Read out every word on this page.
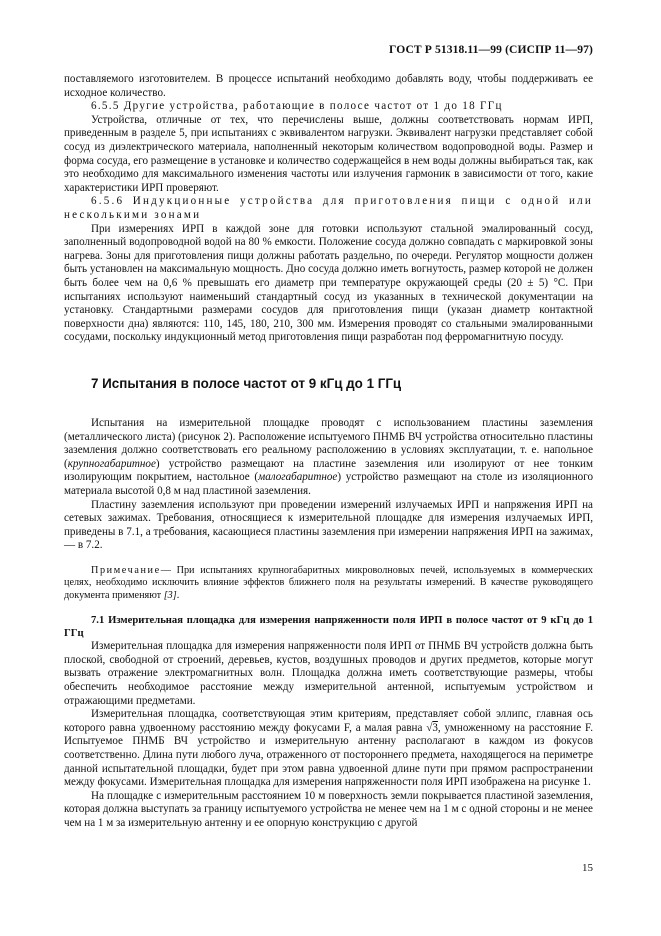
ГОСТ Р 51318.11—99 (СИСПР 11—97)

поставляемого изготовителем. В процессе испытаний необходимо добавлять воду, чтобы поддерживать ее исходное количество.

6.5.5 Другие устройства, работающие в полосе частот от 1 до 18 ГГц

Устройства, отличные от тех, что перечислены выше, должны соответствовать нормам ИРП, приведенным в разделе 5, при испытаниях с эквивалентом нагрузки. Эквивалент нагрузки представляет собой сосуд из диэлектрического материала, наполненный некоторым количеством водопроводной воды. Размер и форма сосуда, его размещение в установке и количество содержащейся в нем воды должны выбираться так, как это необходимо для максимального изменения частоты или излучения гармоник в зависимости от того, какие характеристики ИРП проверяют.

6.5.6 Индукционные устройства для приготовления пищи с одной или несколькими зонами

При измерениях ИРП в каждой зоне для готовки используют стальной эмалированный сосуд, заполненный водопроводной водой на 80 % емкости. Положение сосуда должно совпадать с маркировкой зоны нагрева. Зоны для приготовления пищи должны работать раздельно, по очереди. Регулятор мощности должен быть установлен на максимальную мощность. Дно сосуда должно иметь вогнутость, размер которой не должен быть более чем на 0,6 % превышать его диаметр при температуре окружающей среды (20 ± 5) °С. При испытаниях используют наименьший стандартный сосуд из указанных в технической документации на установку. Стандартными размерами сосудов для приготовления пищи (указан диаметр контактной поверхности дна) являются: 110, 145, 180, 210, 300 мм. Измерения проводят со стальными эмалированными сосудами, поскольку индукционный метод приготовления пищи разработан под ферромагнитную посуду.

7 Испытания в полосе частот от 9 кГц до 1 ГГц

Испытания на измерительной площадке проводят с использованием пластины заземления (металлического листа) (рисунок 2). Расположение испытуемого ПНМБ ВЧ устройства относительно пластины заземления должно соответствовать его реальному расположению в условиях эксплуатации, т. е. напольное (крупногабаритное) устройство размещают на пластине заземления или изолируют от нее тонким изолирующим покрытием, настольное (малогабаритное) устройство размещают на столе из изоляционного материала высотой 0,8 м над пластиной заземления.

Пластину заземления используют при проведении измерений излучаемых ИРП и напряжения ИРП на сетевых зажимах. Требования, относящиеся к измерительной площадке для измерения излучаемых ИРП, приведены в 7.1, а требования, касающиеся пластины заземления при измерении напряжения ИРП на зажимах, — в 7.2.

Примечание— При испытаниях крупногабаритных микроволновых печей, используемых в коммерческих целях, необходимо исключить влияние эффектов ближнего поля на результаты измерений. В качестве руководящего документа применяют [3].

7.1 Измерительная площадка для измерения напряженности поля ИРП в полосе частот от 9 кГц до 1 ГГц

Измерительная площадка для измерения напряженности поля ИРП от ПНМБ ВЧ устройств должна быть плоской, свободной от строений, деревьев, кустов, воздушных проводов и других предметов, которые могут вызвать отражение электромагнитных волн. Площадка должна иметь соответствующие размеры, чтобы обеспечить необходимое расстояние между измерительной антенной, испытуемым устройством и отражающими предметами.

Измерительная площадка, соответствующая этим критериям, представляет собой эллипс, главная ось которого равна удвоенному расстоянию между фокусами F, а малая равна √3, умноженному на расстояние F. Испытуемое ПНМБ ВЧ устройство и измерительную антенну располагают в каждом из фокусов соответственно. Длина пути любого луча, отраженного от постороннего предмета, находящегося на периметре данной испытательной площадки, будет при этом равна удвоенной длине пути при прямом распространении между фокусами. Измерительная площадка для измерения напряженности поля ИРП изображена на рисунке 1.

На площадке с измерительным расстоянием 10 м поверхность земли покрывается пластиной заземления, которая должна выступать за границу испытуемого устройства не менее чем на 1 м с одной стороны и не менее чем на 1 м за измерительную антенну и ее опорную конструкцию с другой

15
